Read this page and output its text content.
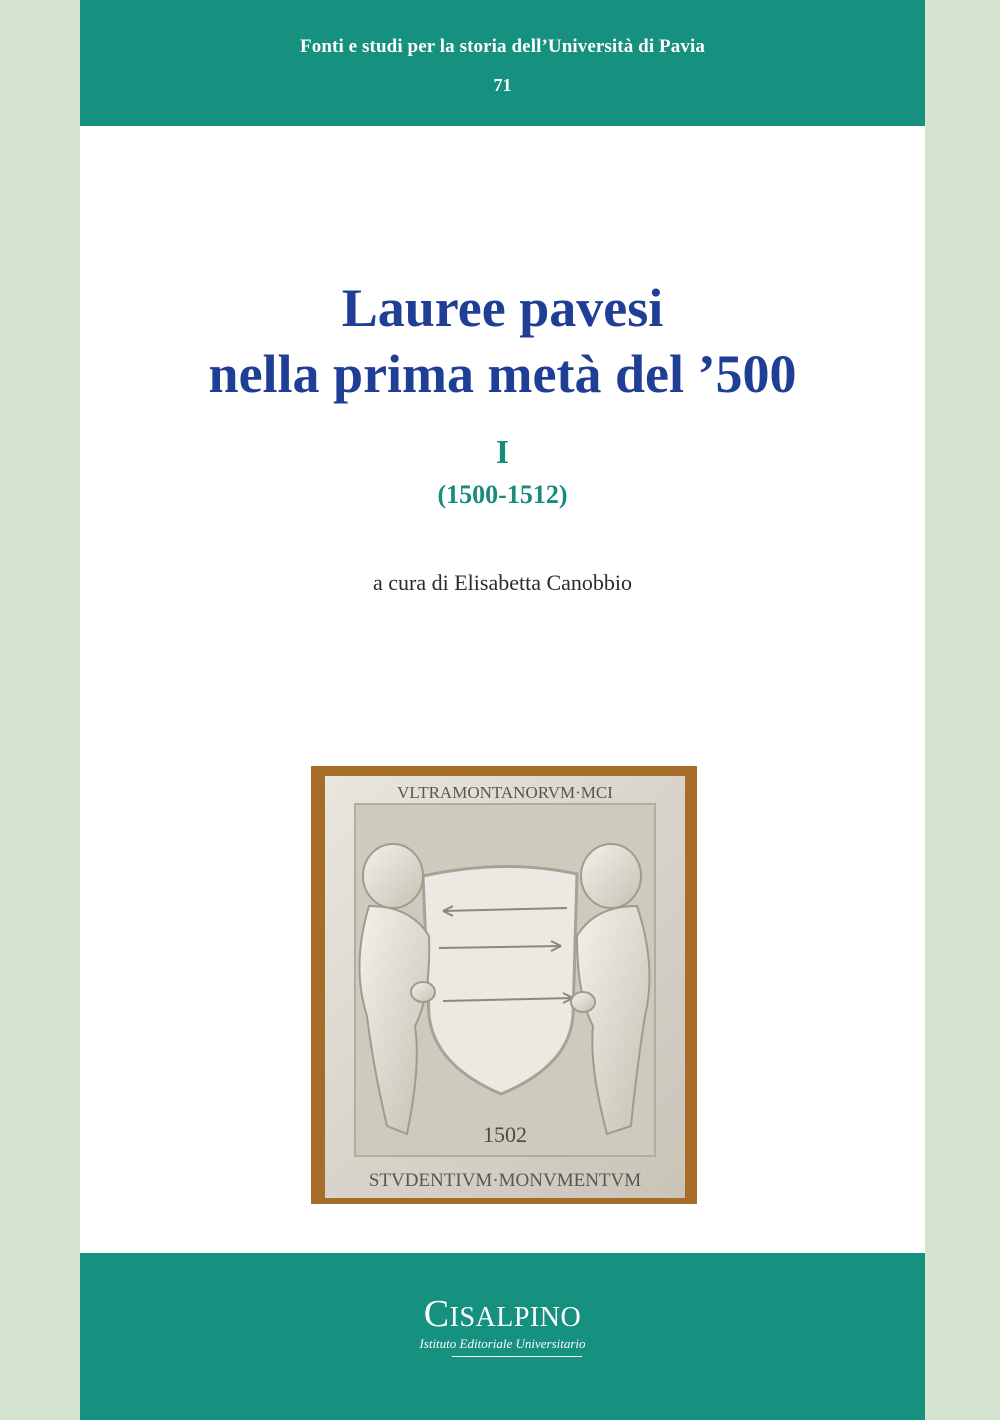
Fonti e studi per la storia dell’Università di Pavia
71
Lauree pavesi
nella prima metà del ’500
I
(1500-1512)
a cura di Elisabetta Canobbio
VLTRAMONTANORVM·MCI
1502
STVDENTIVM·MONVMENTVM
CISALPINO
Istituto Editoriale Universitario
